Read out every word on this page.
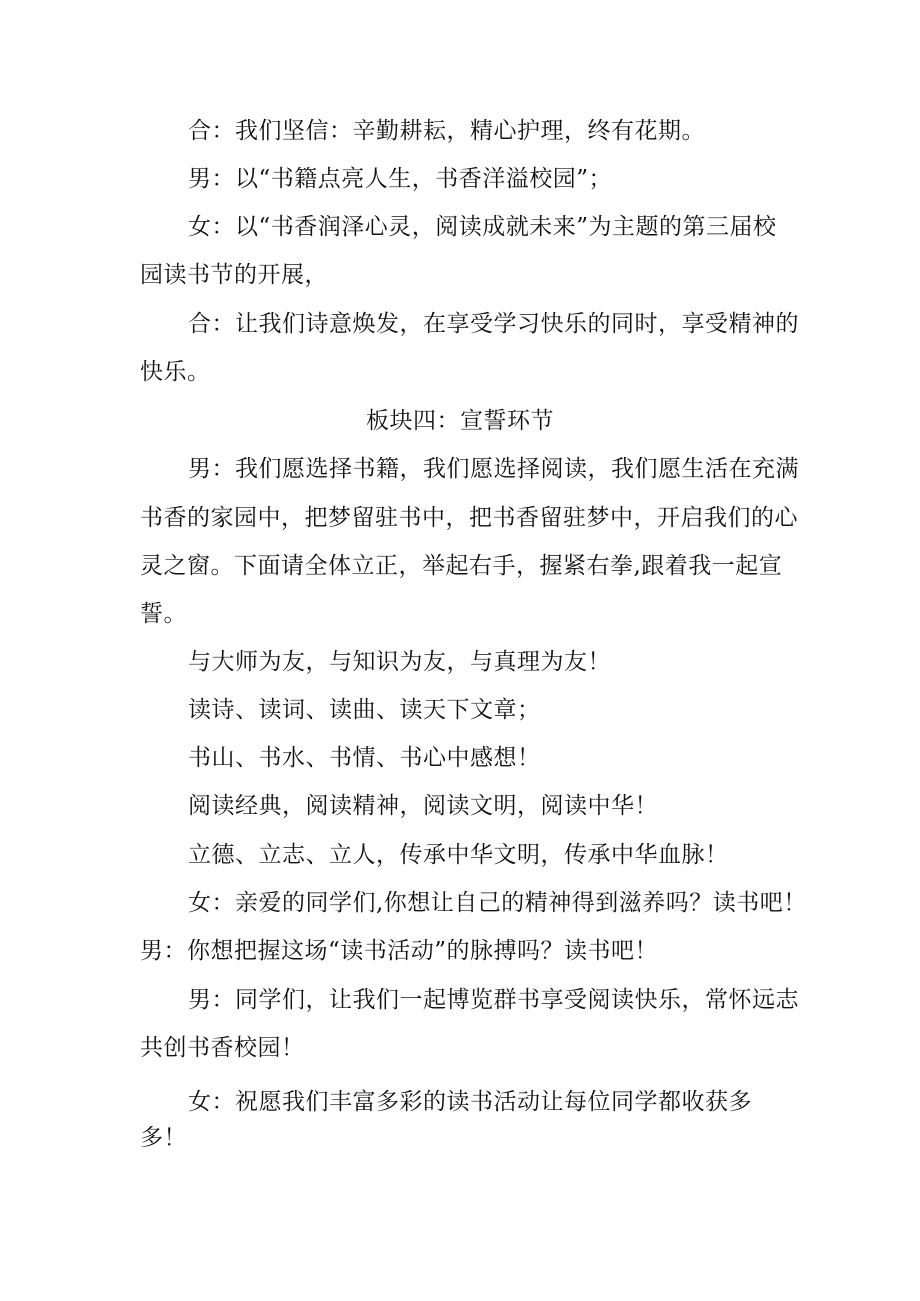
合：我们坚信：辛勤耕耘，精心护理，终有花期。
男：以“书籍点亮人生，书香洋溢校园”；
女：以“书香润泽心灵，阅读成就未来”为主题的第三届校
园读书节的开展，
合：让我们诗意焕发，在享受学习快乐的同时，享受精神的
快乐。
板块四：宣誓环节
男：我们愿选择书籍，我们愿选择阅读，我们愿生活在充满
书香的家园中，把梦留驻书中，把书香留驻梦中，开启我们的心
灵之窗。下面请全体立正，举起右手，握紧右拳,跟着我一起宣
誓。
与大师为友，与知识为友，与真理为友！
读诗、读词、读曲、读天下文章；
书山、书水、书情、书心中感想！
阅读经典，阅读精神，阅读文明，阅读中华！
立德、立志、立人，传承中华文明，传承中华血脉！
女：亲爱的同学们,你想让自己的精神得到滋养吗？读书吧！
男：你想把握这场“读书活动”的脉搏吗？读书吧！
男：同学们，让我们一起博览群书享受阅读快乐，常怀远志
共创书香校园！
女：祝愿我们丰富多彩的读书活动让每位同学都收获多
多！
